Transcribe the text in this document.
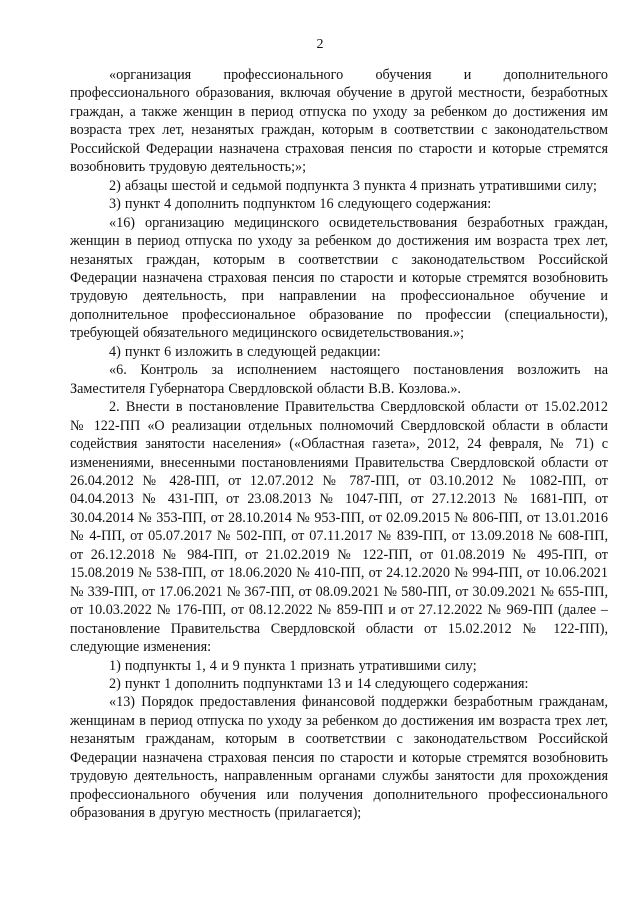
2

«организация профессионального обучения и дополнительного профессионального образования, включая обучение в другой местности, безработных граждан, а также женщин в период отпуска по уходу за ребенком до достижения им возраста трех лет, незанятых граждан, которым в соответствии с законодательством Российской Федерации назначена страховая пенсия по старости и которые стремятся возобновить трудовую деятельность;»;

2) абзацы шестой и седьмой подпункта 3 пункта 4 признать утратившими силу;

3) пункт 4 дополнить подпунктом 16 следующего содержания:

«16) организацию медицинского освидетельствования безработных граждан, женщин в период отпуска по уходу за ребенком до достижения им возраста трех лет, незанятых граждан, которым в соответствии с законодательством Российской Федерации назначена страховая пенсия по старости и которые стремятся возобновить трудовую деятельность, при направлении на профессиональное обучение и дополнительное профессиональное образование по профессии (специальности), требующей обязательного медицинского освидетельствования.»;

4) пункт 6 изложить в следующей редакции:

«6. Контроль за исполнением настоящего постановления возложить на Заместителя Губернатора Свердловской области В.В. Козлова.».

2. Внести в постановление Правительства Свердловской области от 15.02.2012 № 122-ПП «О реализации отдельных полномочий Свердловской области в области содействия занятости населения» («Областная газета», 2012, 24 февраля, № 71) с изменениями, внесенными постановлениями Правительства Свердловской области от 26.04.2012 № 428-ПП, от 12.07.2012 № 787-ПП, от 03.10.2012 № 1082-ПП, от 04.04.2013 № 431-ПП, от 23.08.2013 № 1047-ПП, от 27.12.2013 № 1681-ПП, от 30.04.2014 № 353-ПП, от 28.10.2014 № 953-ПП, от 02.09.2015 № 806-ПП, от 13.01.2016 № 4-ПП, от 05.07.2017 № 502-ПП, от 07.11.2017 № 839-ПП, от 13.09.2018 № 608-ПП, от 26.12.2018 № 984-ПП, от 21.02.2019 № 122-ПП, от 01.08.2019 № 495-ПП, от 15.08.2019 № 538-ПП, от 18.06.2020 № 410-ПП, от 24.12.2020 № 994-ПП, от 10.06.2021 № 339-ПП, от 17.06.2021 № 367-ПП, от 08.09.2021 № 580-ПП, от 30.09.2021 № 655-ПП, от 10.03.2022 № 176-ПП, от 08.12.2022 № 859-ПП и от 27.12.2022 № 969-ПП (далее – постановление Правительства Свердловской области от 15.02.2012 № 122-ПП), следующие изменения:

1) подпункты 1, 4 и 9 пункта 1 признать утратившими силу;

2) пункт 1 дополнить подпунктами 13 и 14 следующего содержания:

«13) Порядок предоставления финансовой поддержки безработным гражданам, женщинам в период отпуска по уходу за ребенком до достижения им возраста трех лет, незанятым гражданам, которым в соответствии с законодательством Российской Федерации назначена страховая пенсия по старости и которые стремятся возобновить трудовую деятельность, направленным органами службы занятости для прохождения профессионального обучения или получения дополнительного профессионального образования в другую местность (прилагается);
